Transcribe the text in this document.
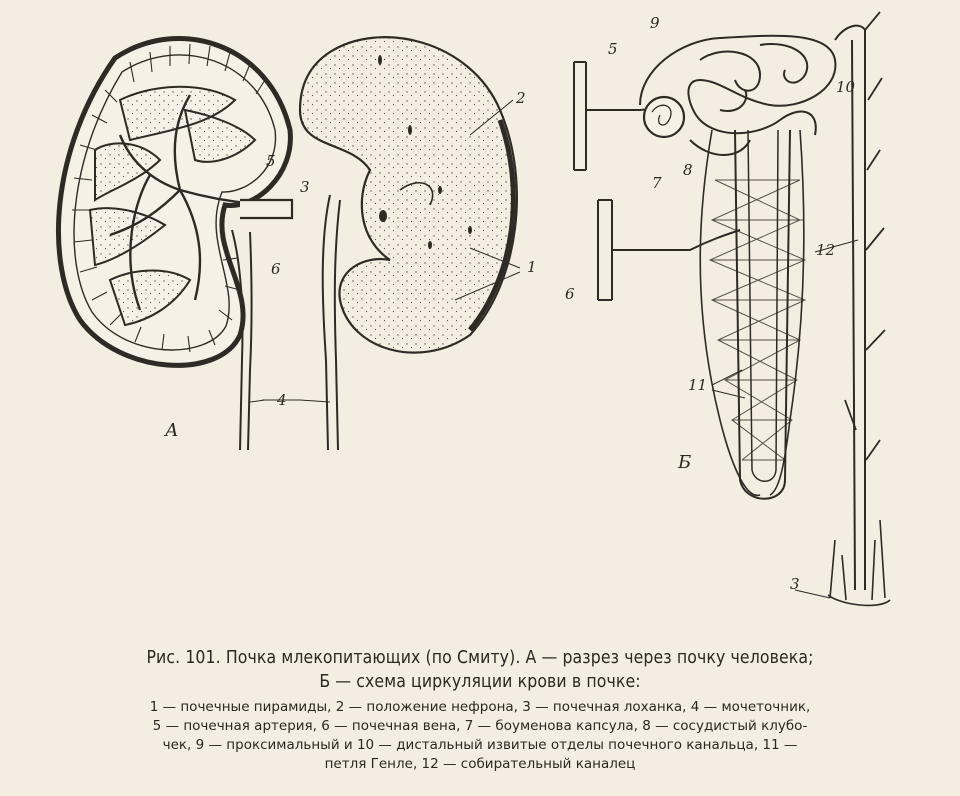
5
3
6
2
1
4
А
9
5
10
7
8
12
6
11
Б
3
Рис. 101. Почка млекопитающих (по Смиту). А — разрез через почку человека;
Б — схема циркуляции крови в почке:
1 — почечные пирамиды, 2 — положение нефрона, 3 — почечная лоханка, 4 — мочеточник,
5 — почечная артерия, 6 — почечная вена, 7 — боуменова капсула, 8 — сосудистый клубо-
чек, 9 — проксимальный и 10 — дистальный извитые отделы почечного канальца, 11 —
петля Генле, 12 — собирательный каналец
